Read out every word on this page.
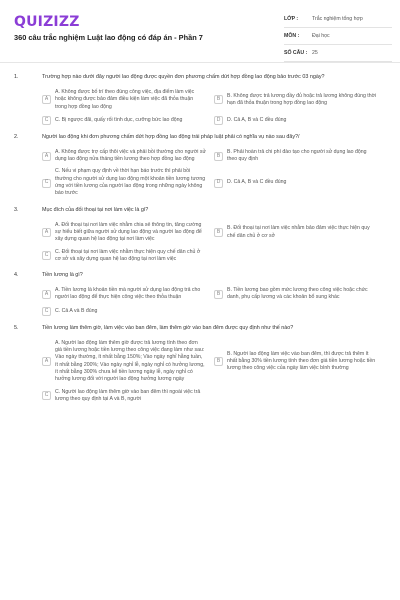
QUIZIZZ
360 câu trắc nghiệm Luật lao động có đáp án - Phần 7
LỚP :	Trắc nghiệm tổng hợp
MÔN :	Đại học
SỐ CÂU : 25
1.	Trường hợp nào dưới đây người lao động được quyền đơn phương chấm dứt hợp đồng lao động bảo trước 03 ngày?
A
A. Không được bố trí theo đúng công việc, địa điểm làm việc hoặc không được bảo đảm điều kiện làm việc đã thỏa thuận trong hợp đồng lao động
B
B. Không được trả lương đầy đủ hoặc trả lương không đúng thời hạn đã thỏa thuận trong hợp đồng lao động
C	C. Bị ngược đãi, quấy rối tình dục, cưỡng bức lao động	D	D. Cả A, B và C đều đúng
2.	Người lao động khi đơn phương chấm dứt hợp đồng lao động trái pháp luật phải có nghĩa vụ nào sau đây?/
A
A. Không được trợ cấp thôi việc và phải bồi thường cho người sử dụng lao động nửa tháng tiền lương theo hợp đồng lao động
B
B. Phải hoàn trả chi phí đào tạo cho người sử dụng lao động theo quy định
C
C. Nếu vi phạm quy định về thời hạn báo trước thì phải bồi thường cho người sử dụng lao động một khoản tiền lương tương ứng với tiền lương của người lao động trong những ngày không báo trước
D	D. Cả A, B và C đều đúng
3.	Mục đích của đối thoại tại nơi làm việc là gì?
A
A. Đối thoại tại nơi làm việc nhằm chia sẻ thông tin, tăng cường sự hiểu biết giữa người sử dụng lao động và người lao động để xây dựng quan hệ lao động tại nơi làm việc
B
B. Đối thoại tại nơi làm việc nhằm bảo đảm việc thực hiện quy chế dân chủ ở cơ sở
C
C. Đối thoại tại nơi làm việc nhằm thực hiện quy chế dân chủ ở cơ sở và xây dựng quan hệ lao động tại nơi làm việc
4.	Tiền lương là gì?
A
A. Tiền lương là khoản tiền mà người sử dụng lao động trả cho người lao động để thực hiện công việc theo thỏa thuận
B
B. Tiền lương bao gồm mức lương theo công việc hoặc chức danh, phụ cấp lương và các khoản bổ sung khác
C	C. Cả A và B đúng
5.	Tiền lương làm thêm giờ, làm việc vào ban đêm, làm thêm giờ vào ban đêm được quy định như thế nào?
A
A. Người lao động làm thêm giờ được trả lương tính theo đơn giá tiền lương hoặc tiền lương theo công việc đang làm như sau: Vào ngày thường, ít nhất bằng 150%; Vào ngày nghỉ hằng tuần, ít nhất bằng 200%; Vào ngày nghỉ lễ, ngày nghỉ có hưởng lương, ít nhất bằng 300% chưa kể tiền lương ngày lễ, ngày nghỉ có hưởng lương đối với người lao động hưởng lương ngày
B
B. Người lao động làm việc vào ban đêm, thì được trả thêm ít nhất bằng 30% tiền lương tính theo đơn giá tiền lương hoặc tiền lương theo công việc của ngày làm việc bình thường
C
C. Người lao động làm thêm giờ vào ban đêm thì ngoài việc trả lương theo quy định tại A và B, người
